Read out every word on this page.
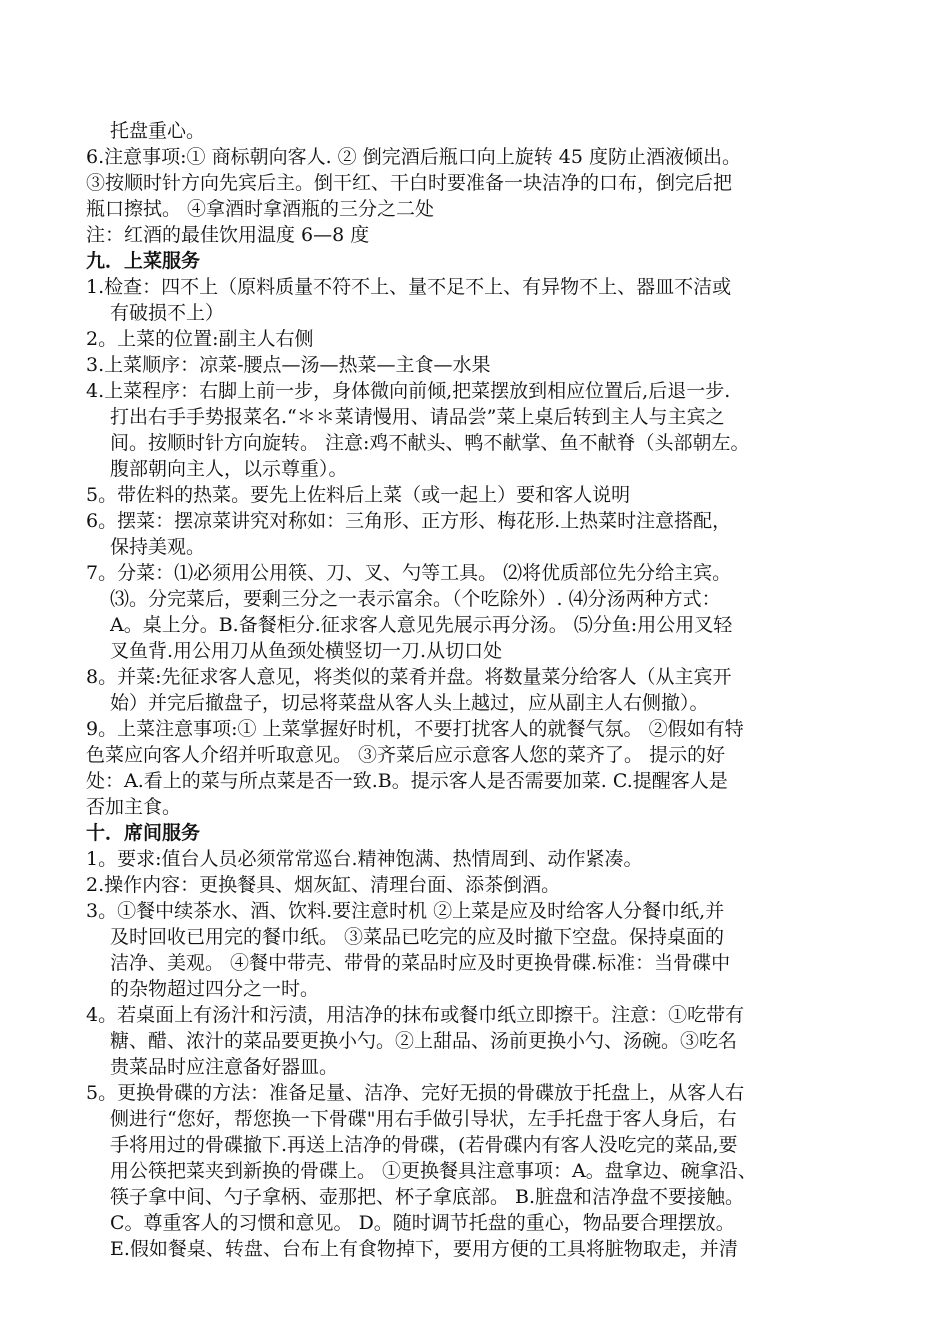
托盘重心。
6.注意事项:① 商标朝向客人. ② 倒完酒后瓶口向上旋转 45 度防止酒液倾出。
③按顺时针方向先宾后主。倒干红、干白时要准备一块洁净的口布，倒完后把
瓶口擦拭。 ④拿酒时拿酒瓶的三分之二处
注：红酒的最佳饮用温度 6—8 度
九．上菜服务
1.检查：四不上（原料质量不符不上、量不足不上、有异物不上、器皿不洁或
有破损不上）
2。上菜的位置:副主人右侧
3.上菜顺序：凉菜-腰点—汤—热菜—主食—水果
4.上菜程序：右脚上前一步，身体微向前倾,把菜摆放到相应位置后,后退一步.
打出右手手势报菜名.“＊＊菜请慢用、请品尝”菜上桌后转到主人与主宾之
间。按顺时针方向旋转。 注意:鸡不献头、鸭不献掌、鱼不献脊（头部朝左。
腹部朝向主人，以示尊重）。
5。带佐料的热菜。要先上佐料后上菜（或一起上）要和客人说明
6。摆菜：摆凉菜讲究对称如：三角形、正方形、梅花形.上热菜时注意搭配，
保持美观。
7。分菜：⑴必须用公用筷、刀、叉、勺等工具。 ⑵将优质部位先分给主宾。
⑶。分完菜后，要剩三分之一表示富余。（个吃除外）. ⑷分汤两种方式：
A。桌上分。B.备餐柜分.征求客人意见先展示再分汤。 ⑸分鱼:用公用叉轻
叉鱼背.用公用刀从鱼颈处横竖切一刀.从切口处
8。并菜:先征求客人意见，将类似的菜肴并盘。将数量菜分给客人（从主宾开
始）并完后撤盘子，切忌将菜盘从客人头上越过，应从副主人右侧撤）。
9。上菜注意事项:① 上菜掌握好时机，不要打扰客人的就餐气氛。 ②假如有特
色菜应向客人介绍并听取意见。 ③齐菜后应示意客人您的菜齐了。 提示的好
处：A.看上的菜与所点菜是否一致.B。提示客人是否需要加菜. C.提醒客人是
否加主食。
十．席间服务
1。要求:值台人员必须常常巡台.精神饱满、热情周到、动作紧凑。
2.操作内容：更换餐具、烟灰缸、清理台面、添茶倒酒。
3。①餐中续茶水、酒、饮料.要注意时机 ②上菜是应及时给客人分餐巾纸,并
及时回收已用完的餐巾纸。 ③菜品已吃完的应及时撤下空盘。保持桌面的
洁净、美观。 ④餐中带壳、带骨的菜品时应及时更换骨碟.标准：当骨碟中
的杂物超过四分之一时。
4。若桌面上有汤汁和污渍，用洁净的抹布或餐巾纸立即擦干。注意：①吃带有
糖、醋、浓汁的菜品要更换小勺。②上甜品、汤前更换小勺、汤碗。③吃名
贵菜品时应注意备好器皿。
5。更换骨碟的方法：准备足量、洁净、完好无损的骨碟放于托盘上，从客人右
侧进行“您好，帮您换一下骨碟"用右手做引导状，左手托盘于客人身后，右
手将用过的骨碟撤下.再送上洁净的骨碟，(若骨碟内有客人没吃完的菜品,要
用公筷把菜夹到新换的骨碟上。 ①更换餐具注意事项：A。盘拿边、碗拿沿、
筷子拿中间、勺子拿柄、壶那把、杯子拿底部。 B.脏盘和洁净盘不要接触。
C。尊重客人的习惯和意见。 D。随时调节托盘的重心，物品要合理摆放。
E.假如餐桌、转盘、台布上有食物掉下，要用方便的工具将脏物取走，并清
